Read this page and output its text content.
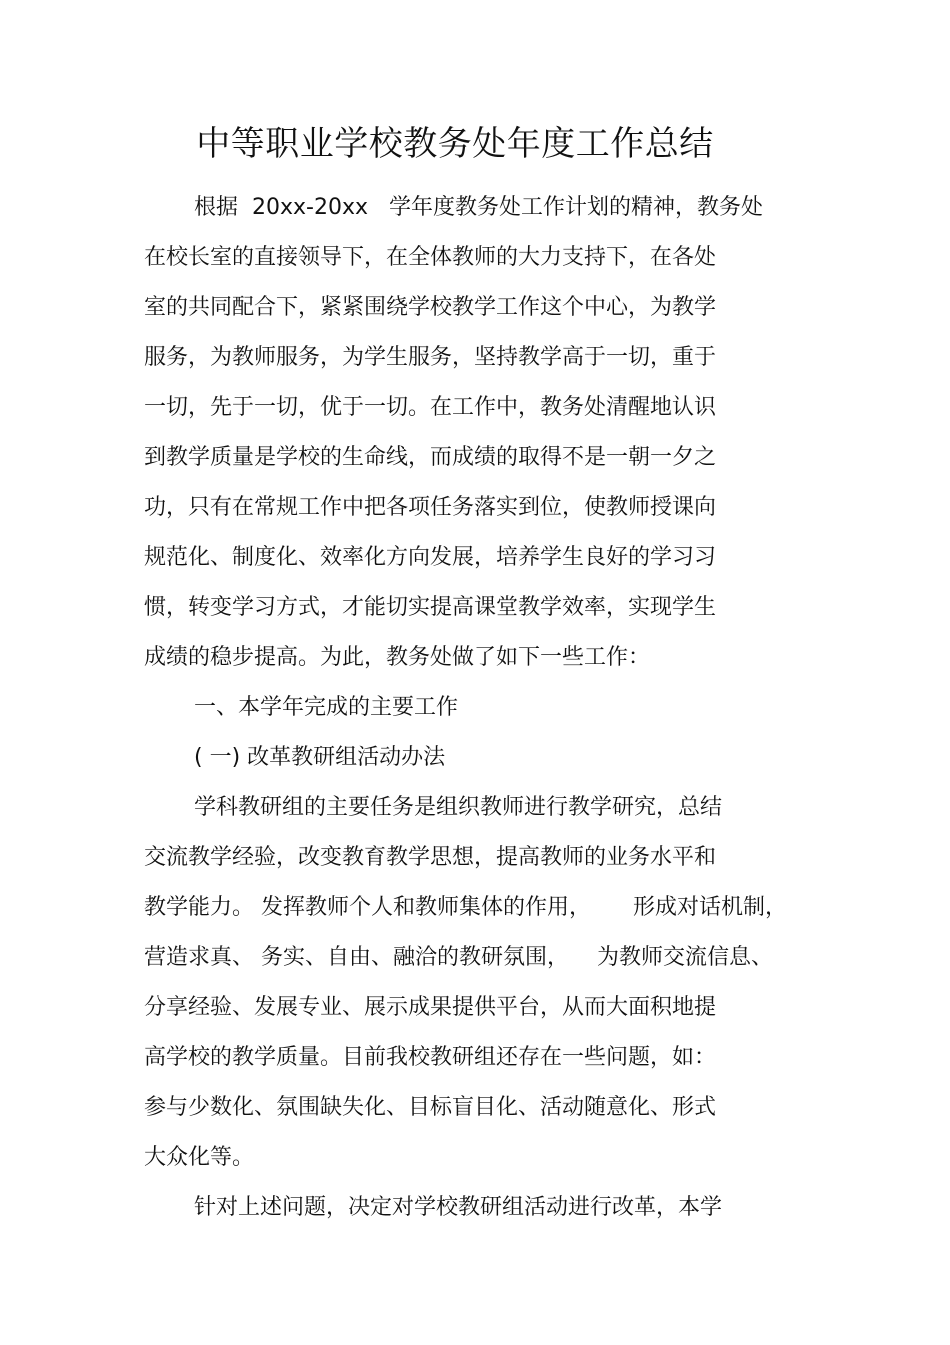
中等职业学校教务处年度工作总结
根据  20xx-20xx   学年度教务处工作计划的精神，教务处
在校长室的直接领导下，在全体教师的大力支持下，在各处
室的共同配合下，紧紧围绕学校教学工作这个中心，为教学
服务，为教师服务，为学生服务，坚持教学高于一切，重于
一切，先于一切，优于一切。在工作中，教务处清醒地认识
到教学质量是学校的生命线，而成绩的取得不是一朝一夕之
功，只有在常规工作中把各项任务落实到位，使教师授课向
规范化、制度化、效率化方向发展，培养学生良好的学习习
惯，转变学习方式，才能切实提高课堂教学效率，实现学生
成绩的稳步提高。为此，教务处做了如下一些工作：
一、本学年完成的主要工作
( 一) 改革教研组活动办法
学科教研组的主要任务是组织教师进行教学研究，总结
交流教学经验，改变教育教学思想，提高教师的业务水平和
教学能力。 发挥教师个人和教师集体的作用，      形成对话机制，
营造求真、 务实、自由、融洽的教研氛围，    为教师交流信息、
分享经验、发展专业、展示成果提供平台，从而大面积地提
高学校的教学质量。目前我校教研组还存在一些问题，如：
参与少数化、氛围缺失化、目标盲目化、活动随意化、形式
大众化等。
针对上述问题，决定对学校教研组活动进行改革，本学
